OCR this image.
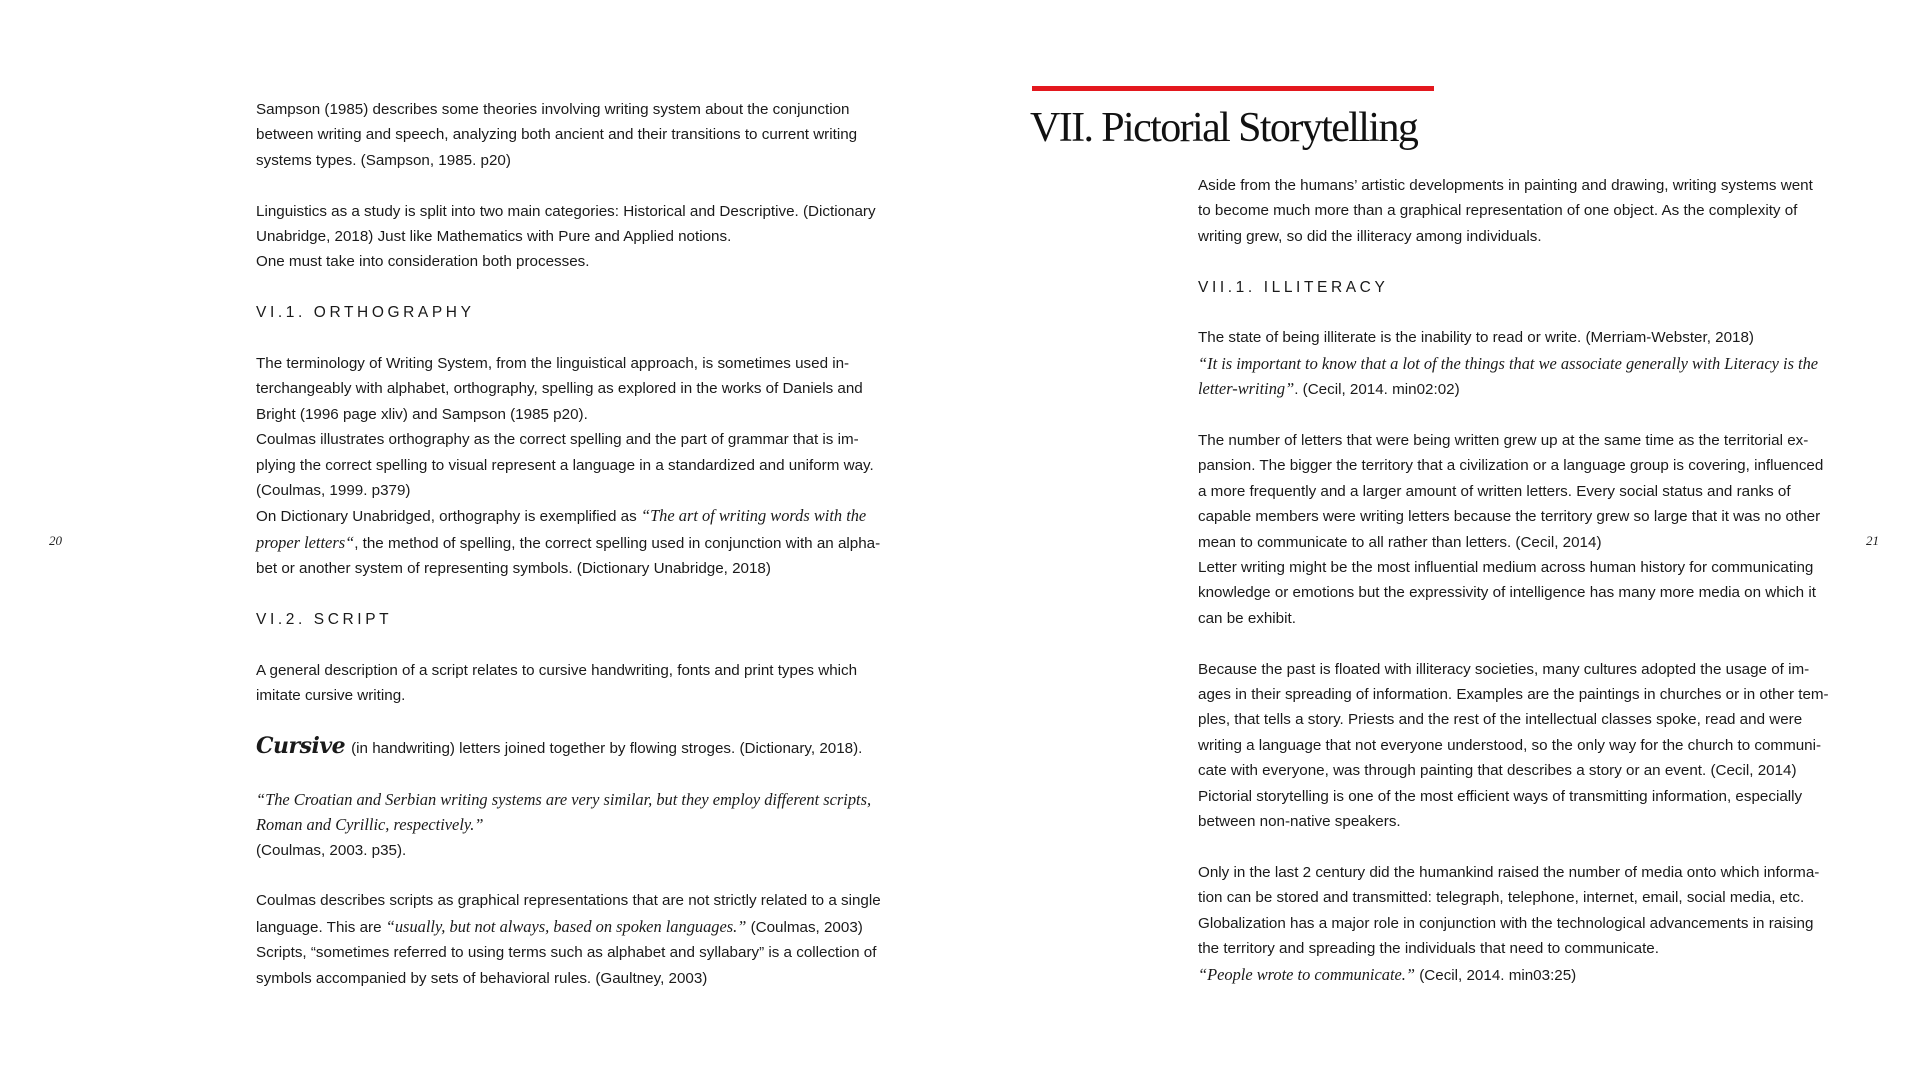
20	21

Sampson (1985) describes some theories involving writing system about the conjunction
between writing and speech, analyzing both ancient and their transitions to current writing
systems types. (Sampson, 1985. p20)

Linguistics as a study is split into two main categories: Historical and Descriptive. (Dictionary
Unabridge, 2018) Just like Mathematics with Pure and Applied notions.
One must take into consideration both processes.

VI.1. ORTHOGRAPHY

The terminology of Writing System, from the linguistical approach, is sometimes used in-
terchangeably with alphabet, orthography, spelling as explored in the works of Daniels and
Bright (1996 page xliv) and Sampson (1985 p20).
Coulmas illustrates orthography as the correct spelling and the part of grammar that is im-
plying the correct spelling to visual represent a language in a standardized and uniform way.
(Coulmas, 1999. p379)
On Dictionary Unabridged, orthography is exemplified as “The art of writing words with the
proper letters“, the method of spelling, the correct spelling used in conjunction with an alpha-
bet or another system of representing symbols. (Dictionary Unabridge, 2018)

VI.2. SCRIPT

A general description of a script relates to cursive handwriting, fonts and print types which
imitate cursive writing.

Cursive (in handwriting) letters joined together by flowing stroges. (Dictionary, 2018).

“The Croatian and Serbian writing systems are very similar, but they employ different scripts,
Roman and Cyrillic, respectively.”
(Coulmas, 2003. p35).

Coulmas describes scripts as graphical representations that are not strictly related to a single
language. This are “usually, but not always, based on spoken languages.” (Coulmas, 2003)
Scripts, “sometimes referred to using terms such as alphabet and syllabary” is a collection of
symbols accompanied by sets of behavioral rules. (Gaultney, 2003)

VII. Pictorial Storytelling

Aside from the humans’ artistic developments in painting and drawing, writing systems went
to become much more than a graphical representation of one object. As the complexity of
writing grew, so did the illiteracy among individuals.

VII.1. ILLITERACY

The state of being illiterate is the inability to read or write. (Merriam-Webster, 2018)
“It is important to know that a lot of the things that we associate generally with Literacy is the
letter-writing”. (Cecil, 2014. min02:02)

The number of letters that were being written grew up at the same time as the territorial ex-
pansion. The bigger the territory that a civilization or a language group is covering, influenced
a more frequently and a larger amount of written letters. Every social status and ranks of
capable members were writing letters because the territory grew so large that it was no other
mean to communicate to all rather than letters. (Cecil, 2014)
Letter writing might be the most influential medium across human history for communicating
knowledge or emotions but the expressivity of intelligence has many more media on which it
can be exhibit.

Because the past is floated with illiteracy societies, many cultures adopted the usage of im-
ages in their spreading of information. Examples are the paintings in churches or in other tem-
ples, that tells a story. Priests and the rest of the intellectual classes spoke, read and were
writing a language that not everyone understood, so the only way for the church to communi-
cate with everyone, was through painting that describes a story or an event. (Cecil, 2014)
Pictorial storytelling is one of the most efficient ways of transmitting information, especially
between non-native speakers.

Only in the last 2 century did the humankind raised the number of media onto which informa-
tion can be stored and transmitted: telegraph, telephone, internet, email, social media, etc.
Globalization has a major role in conjunction with the technological advancements in raising
the territory and spreading the individuals that need to communicate.
“People wrote to communicate.” (Cecil, 2014. min03:25)
